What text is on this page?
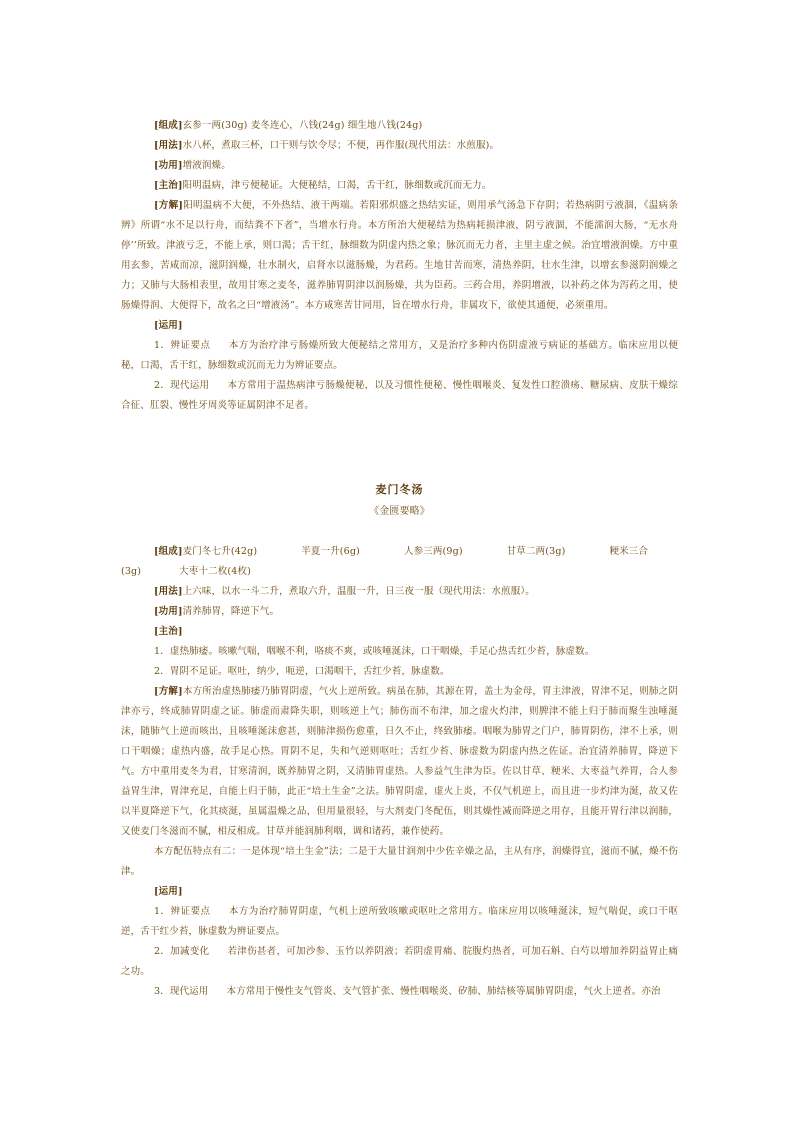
[组成]玄参一两(30g) 麦冬连心，八钱(24g) 细生地八钱(24g)

[用法]水八杯，煮取三杯，口干则与饮令尽；不便，再作服(现代用法：水煎服)。

[功用]增液润燥。

[主治]阳明温病，津亏便秘证。大便秘结，口渴，舌干红，脉细数或沉而无力。

[方解]阳明温病不大便，不外热结、液干两端。若阳邪炽盛之热结实证，则用承气汤急下存阴；若热病阴亏液涸，《温病条辨》所谓“水不足以行舟，而结粪不下者”，当增水行舟。本方所治大便秘结为热病耗损津液，阴亏液涸，不能濡润大肠，“无水舟停’’所致。津液亏乏，不能上承，则口渴；舌干红，脉细数为阴虚内热之象；脉沉而无力者，主里主虚之候。治宜增液润燥。方中重用玄参，苦咸而凉，滋阴润燥，壮水制火，启肾水以滋肠燥，为君药。生地甘苦而寒，清热养阴，壮水生津，以增玄参滋阴润燥之力；又肺与大肠相表里，故用甘寒之麦冬，滋养肺胃阴津以润肠燥，共为臣药。三药合用，养阴增液，以补药之体为泻药之用，使肠燥得润、大便得下，故名之曰“增液汤”。本方咸寒苦甘同用，旨在增水行舟，非属攻下，欲使其通便，必须重用。

[运用]

1．辨证要点 本方为治疗津亏肠燥所致大便秘结之常用方，又是治疗多种内伤阴虚液亏病证的基础方。临床应用以便秘，口渴，舌干红，脉细数或沉而无力为辨证要点。

2．现代运用 本方常用于温热病津亏肠燥便秘，以及习惯性便秘、慢性咽喉炎、复发性口腔溃疡、糖尿病、皮肤干燥综合征、肛裂、慢性牙周炎等证属阴津不足者。

麦门冬汤
《金匮要略》

[组成]麦门冬七升(42g)	半夏一升(6g)	人参三两(9g)	甘草二两(3g)	粳米三合

(3g)	大枣十二枚(4枚)

[用法]上六味，以水一斗二升，煮取六升，温服一升，日三夜一服（现代用法：水煎服）。

[功用]清养肺胃，降逆下气。

[主治]

1．虚热肺痿。咳嗽气喘，咽喉不利，咯痰不爽，或咳唾涎沫，口干咽燥，手足心热舌红少苔，脉虚数。

2．胃阴不足证。呕吐，纳少，呃逆，口渴咽干，舌红少苔，脉虚数。

[方解]本方所治虚热肺痿乃肺胃阴虚，气火上逆所致。病虽在肺，其源在胃，盖土为金母，胃主津液，胃津不足，则肺之阴津亦亏，终成肺胃阴虚之证。肺虚而肃降失职，则咳逆上气；肺伤而不布津，加之虚火灼津，则脾津不能上归于肺而聚生浊唾涎沫，随肺气上逆而咳出，且咳唾涎沫愈甚，则肺津损伤愈重，日久不止，终致肺痿。咽喉为肺胃之门户，肺胃阴伤，津不上承，则口干咽燥；虚热内盛，故手足心热。胃阴不足，失和气逆则呕吐；舌红少苔、脉虚数为阴虚内热之佐证。治宜清养肺胃，降逆下气。方中重用麦冬为君，甘寒清润，既养肺胃之阴，又清肺胃虚热。人参益气生津为臣。佐以甘草、粳米、大枣益气养胃，合人参益胃生津，胃津充足，自能上归于肺，此正“培土生金”之法。肺胃阴虚，虚火上炎，不仅气机逆上，而且进一步灼津为涎，故又佐以半夏降逆下气，化其痰涎，虽属温燥之品，但用量很轻，与大剂麦门冬配伍，则其燥性减而降逆之用存，且能开胃行津以润肺，又使麦门冬滋而不腻，相反相成。甘草并能润肺利咽，调和诸药，兼作使药。

本方配伍特点有二：一是体现“培土生金”法；二是于大量甘润剂中少佐辛燥之品，主从有序，润燥得宜，滋而不腻，燥不伤津。

[运用]

1．辨证要点 本方为治疗肺胃阴虚，气机上逆所致咳嗽或呕吐之常用方。临床应用以咳唾涎沫，短气喘促，或口干呕逆，舌干红少苔，脉虚数为辨证要点。

2．加减变化 若津伤甚者，可加沙参、玉竹以养阴液；若阴虚胃痛、脘腹灼热者，可加石斛、白芍以增加养阴益胃止痛之功。

3．现代运用 本方常用于慢性支气管炎、支气管扩张、慢性咽喉炎、矽肺、肺结核等属肺胃阴虚，气火上逆者。亦治
